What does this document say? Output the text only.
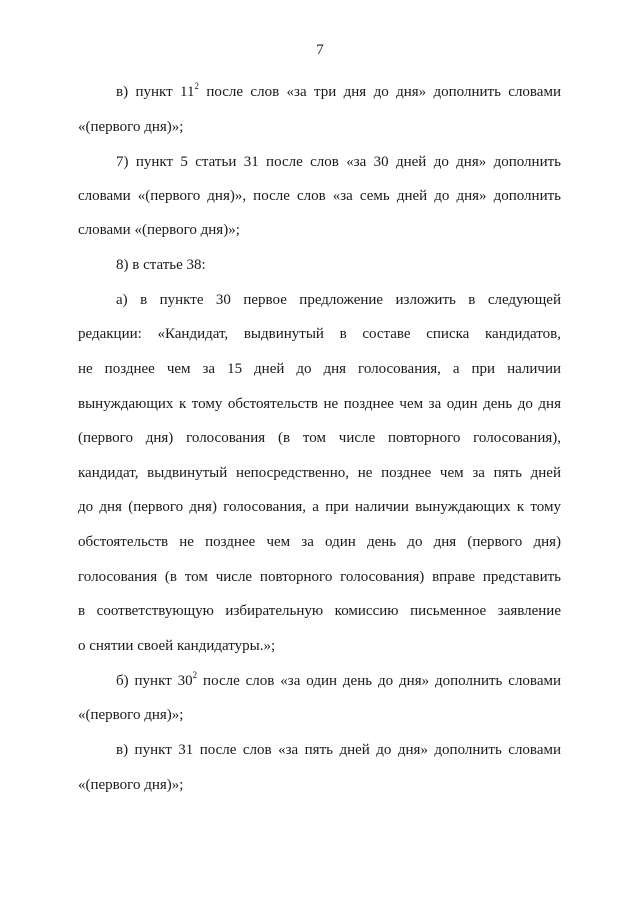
7
в) пункт $11^2$ после слов «за три дня до дня» дополнить словами
«(первого дня)»;
7) пункт 5 статьи 31 после слов «за 30 дней до дня» дополнить
словами «(первого дня)», после слов «за семь дней до дня» дополнить
словами «(первого дня)»;
8) в статье 38:
а) в пункте 30 первое предложение изложить в следующей
редакции: «Кандидат, выдвинутый в составе списка кандидатов,
не позднее чем за 15 дней до дня голосования, а при наличии
вынуждающих к тому обстоятельств не позднее чем за один день до дня
(первого дня) голосования (в том числе повторного голосования),
кандидат, выдвинутый непосредственно, не позднее чем за пять дней
до дня (первого дня) голосования, а при наличии вынуждающих к тому
обстоятельств не позднее чем за один день до дня (первого дня)
голосования (в том числе повторного голосования) вправе представить
в соответствующую избирательную комиссию письменное заявление
о снятии своей кандидатуры.»;
б) пункт $30^2$ после слов «за один день до дня» дополнить словами
«(первого дня)»;
в) пункт 31 после слов «за пять дней до дня» дополнить словами
«(первого дня)»;
